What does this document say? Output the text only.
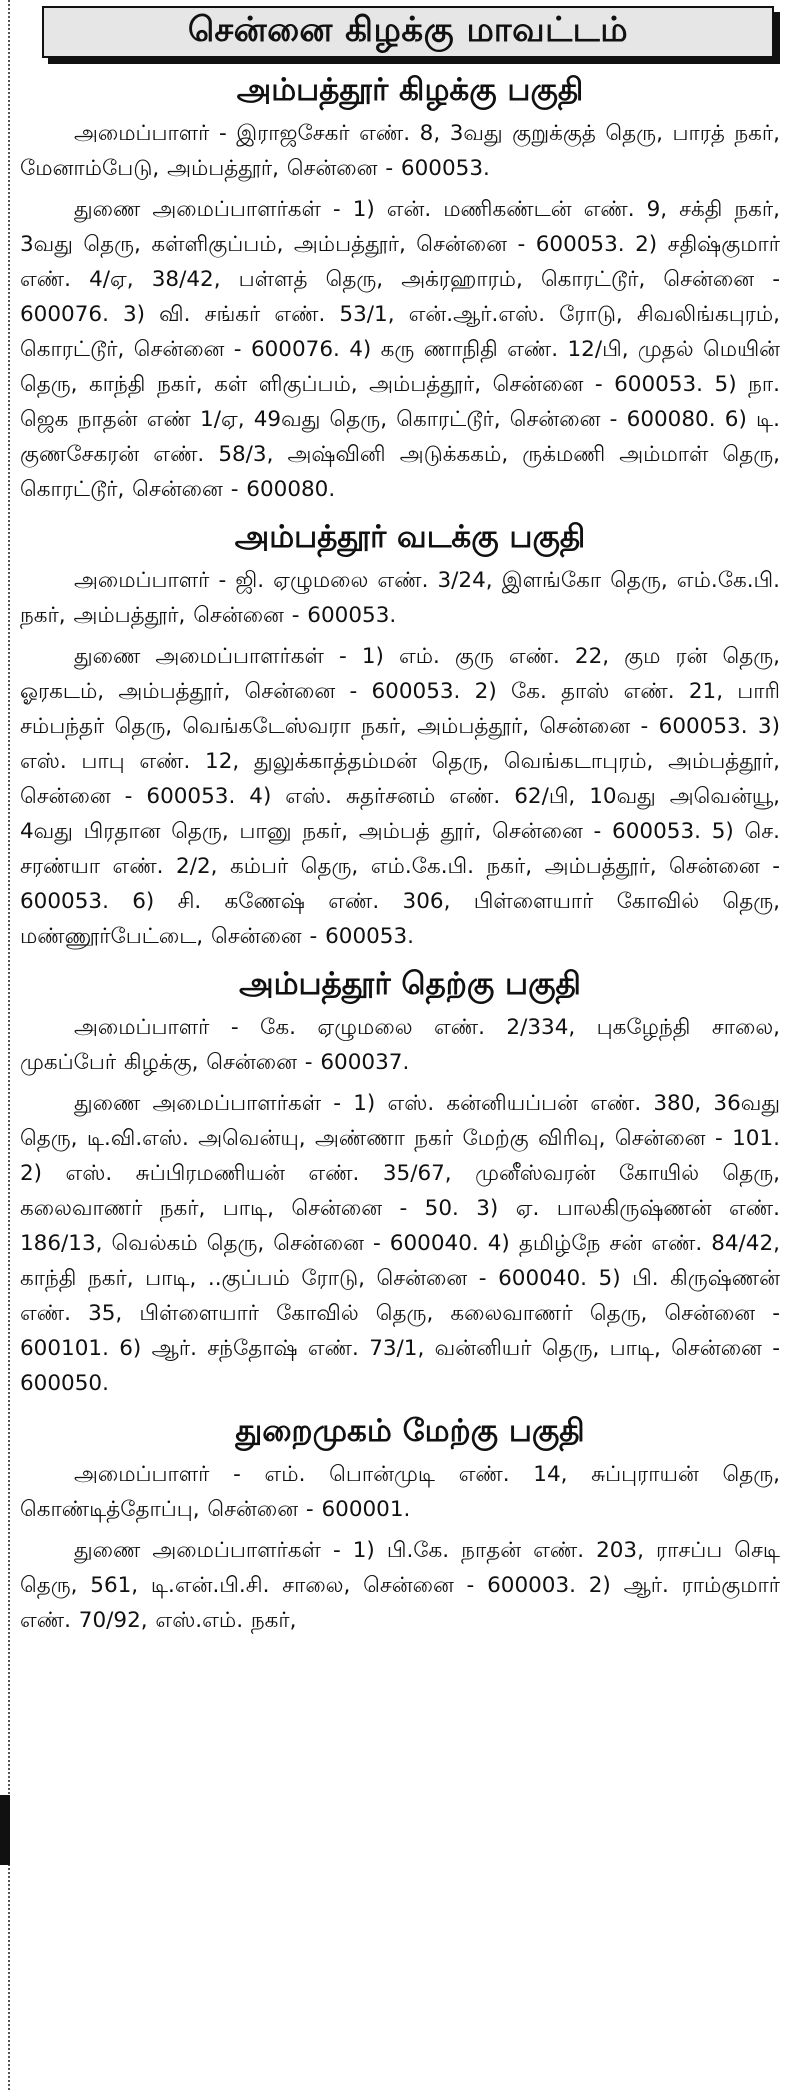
சென்னை கிழக்கு மாவட்டம்
அம்பத்தூர் கிழக்கு பகுதி

அமைப்பாளர் - இராஜசேகர் எண். 8, 3வது குறுக்குத் தெரு, பாரத் நகர், மேனாம்பேடு, அம்பத்தூர், சென்னை - 600053.

துணை அமைப்பாளர்கள் - 1) என். மணிகண்டன் எண். 9, சக்தி நகர், 3வது தெரு, கள்ளிகுப்பம், அம்பத்தூர், சென்னை - 600053. 2) சதிஷ்குமார் எண். 4/ஏ, 38/42, பள்ளத் தெரு, அக்ரஹாரம், கொரட்டூர், சென்னை - 600076. 3) வி. சங்கர் எண். 53/1, என்.ஆர்.எஸ். ரோடு, சிவலிங்கபுரம், கொரட்டூர், சென்னை - 600076. 4) கரு ணாநிதி எண். 12/பி, முதல் மெயின் தெரு, காந்தி நகர், கள் ளிகுப்பம், அம்பத்தூர், சென்னை - 600053. 5) நா. ஜெக நாதன் எண் 1/ஏ, 49வது தெரு, கொரட்டூர், சென்னை - 600080. 6) டி. குணசேகரன் எண். 58/3, அஷ்வினி அடுக்ககம், ருக்மணி அம்மாள் தெரு, கொரட்டூர், சென்னை - 600080.

அம்பத்தூர் வடக்கு பகுதி

அமைப்பாளர் - ஜி. ஏழுமலை எண். 3/24, இளங்கோ தெரு, எம்.கே.பி. நகர், அம்பத்தூர், சென்னை - 600053.

துணை அமைப்பாளர்கள் - 1) எம். குரு எண். 22, கும ரன் தெரு, ஓரகடம், அம்பத்தூர், சென்னை - 600053. 2) கே. தாஸ் எண். 21, பாரி சம்பந்தர் தெரு, வெங்கடேஸ்வரா நகர், அம்பத்தூர், சென்னை - 600053. 3) எஸ். பாபு எண். 12, துலுக்காத்தம்மன் தெரு, வெங்கடாபுரம், அம்பத்தூர், சென்னை - 600053. 4) எஸ். சுதர்சனம் எண். 62/பி, 10வது அவென்யூ, 4வது பிரதான தெரு, பானு நகர், அம்பத் தூர், சென்னை - 600053. 5) செ. சரண்யா எண். 2/2, கம்பர் தெரு, எம்.கே.பி. நகர், அம்பத்தூர், சென்னை - 600053. 6) சி. கணேஷ் எண். 306, பிள்ளையார் கோவில் தெரு, மண்ணூர்பேட்டை, சென்னை - 600053.

அம்பத்தூர் தெற்கு பகுதி

அமைப்பாளர் - கே. ஏழுமலை எண். 2/334, புகழேந்தி சாலை, முகப்பேர் கிழக்கு, சென்னை - 600037.

துணை அமைப்பாளர்கள் - 1) எஸ். கன்னியப்பன் எண். 380, 36வது தெரு, டி.வி.எஸ். அவென்யு, அண்ணா நகர் மேற்கு விரிவு, சென்னை - 101. 2) எஸ். சுப்பிரமணியன் எண். 35/67, முனீஸ்வரன் கோயில் தெரு, கலைவாணர் நகர், பாடி, சென்னை - 50. 3) ஏ. பாலகிருஷ்ணன் எண். 186/13, வெல்கம் தெரு, சென்னை - 600040. 4) தமிழ்நே சன் எண். 84/42, காந்தி நகர், பாடி, ..குப்பம் ரோடு, சென்னை - 600040. 5) பி. கிருஷ்ணன் எண். 35, பிள்ளையார் கோவில் தெரு, கலைவாணர் தெரு, சென்னை - 600101. 6) ஆர். சந்தோஷ் எண். 73/1, வன்னியர் தெரு, பாடி, சென்னை - 600050.

துறைமுகம் மேற்கு பகுதி

அமைப்பாளர் - எம். பொன்முடி எண். 14, சுப்புராயன் தெரு, கொண்டித்தோப்பு, சென்னை - 600001.

துணை அமைப்பாளர்கள் - 1) பி.கே. நாதன் எண். 203, ராசப்ப செடி தெரு, 561, டி.என்.பி.சி. சாலை, சென்னை - 600003. 2) ஆர். ராம்குமார் எண். 70/92, எஸ்.எம். நகர்,
